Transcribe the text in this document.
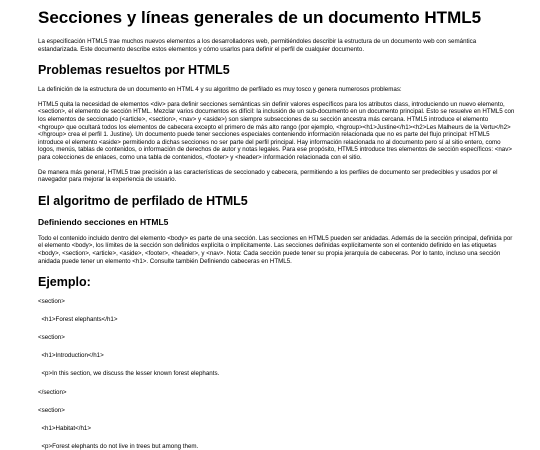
Secciones y líneas generales de un documento HTML5

La especificación HTML5 trae muchos nuevos elementos a los desarrolladores web, permitiéndoles describir la estructura de un documento web con semántica estandarizada. Este documento describe estos elementos y cómo usarlos para definir el perfil de cualquier documento.

Problemas resueltos por HTML5

La definición de la estructura de un documento en HTML 4 y su algoritmo de perfilado es muy tosco y genera numerosos problemas:

HTML5 quita la necesidad de elementos <div> para definir secciones semánticas sin definir valores específicos para los atributos class, introduciendo un nuevo elemento, <section>, el elemento de sección HTML. Mezclar varios documentos es difícil: la inclusión de un sub-documento en un documento principal. Esto se resuelve en HTML5 con los elementos de seccionado (<article>, <section>, <nav> y <aside>) son siempre subsecciones de su sección ancestra más cercana. HTML5 introduce el elemento <hgroup> que ocultará todos los elementos de cabecera excepto el primero de más alto rango (por ejemplo, <hgroup><h1>Justine</h1><h2>Les Malheurs de la Vertu</h2></hgroup> crea el perfil 1. Justine). Un documento puede tener secciones especiales conteniendo información relacionada que no es parte del flujo principal: HTML5 introduce el elemento <aside> permitiendo a dichas secciones no ser parte del perfil principal. Hay información relacionada no al documento pero sí al sitio entero, como logos, menús, tablas de contenidos, o información de derechos de autor y notas legales. Para ese propósito, HTML5 introduce tres elementos de sección específicos: <nav> para colecciones de enlaces, como una tabla de contenidos, <footer> y <header> información relacionada con el sitio.

De manera más general, HTML5 trae precisión a las características de seccionado y cabecera, permitiendo a los perfiles de documento ser predecibles y usados por el navegador para mejorar la experiencia de usuario.

El algoritmo de perfilado de HTML5
Definiendo secciones en HTML5

Todo el contenido incluido dentro del elemento <body> es parte de una sección. Las secciones en HTML5 pueden ser anidadas. Además de la sección principal, definida por el elemento <body>, los límites de la sección son definidos explícita o implícitamente. Las secciones definidas explícitamente son el contenido definido en las etiquetas <body>, <section>, <article>, <aside>, <footer>, <header>, y <nav>. Nota: Cada sección puede tener su propia jerarquía de cabeceras. Por lo tanto, incluso una sección anidada puede tener un elemento <h1>. Consulte también Definiendo cabeceras en HTML5.

Ejemplo:
<section>
<h1>Forest elephants</h1>
<section>
<h1>Introduction</h1>
<p>In this section, we discuss the lesser known forest elephants.
</section>
<section>
<h1>Habitat</h1>
<p>Forest elephants do not live in trees but among them.
